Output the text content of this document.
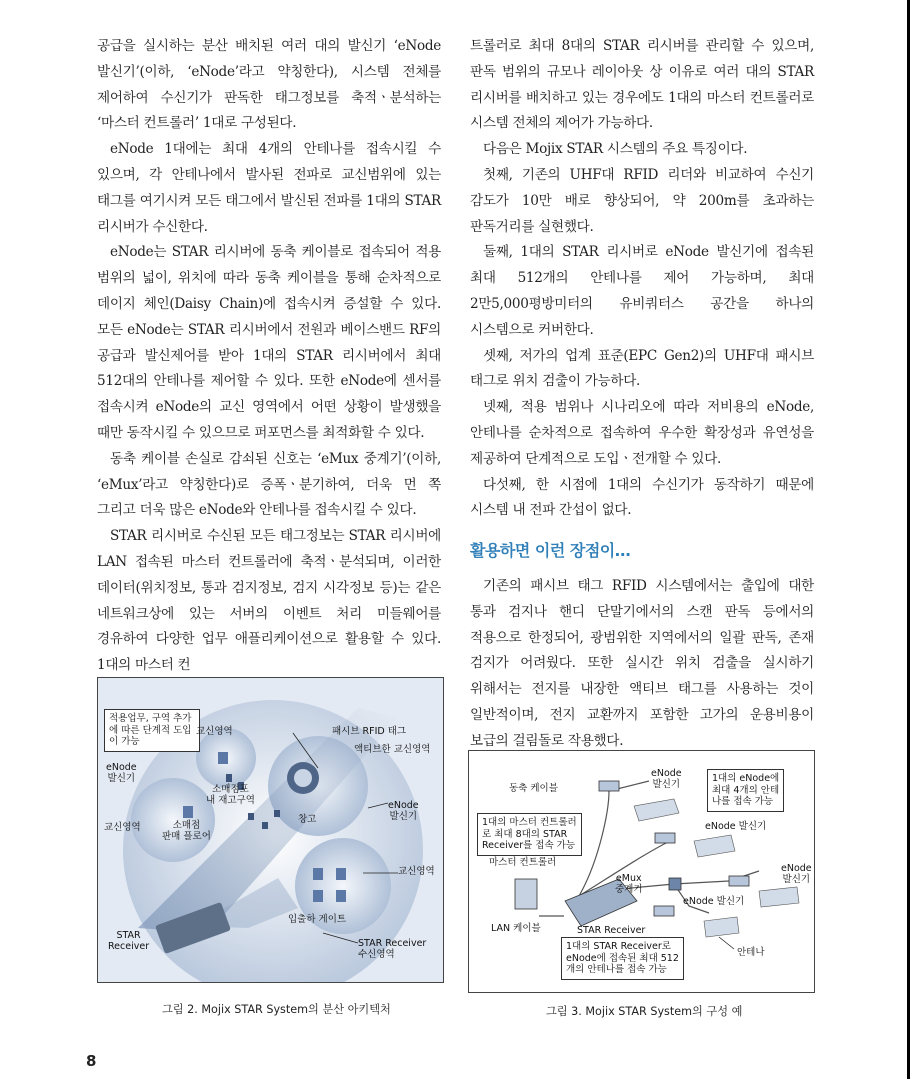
공급을 실시하는 분산 배치된 여러 대의 발신기 ‘eNode 발신기’(이하, ‘eNode’라고 약칭한다), 시스템 전체를 제어하여 수신기가 판독한 태그정보를 축적ㆍ분석하는 ‘마스터 컨트롤러’ 1대로 구성된다.

eNode 1대에는 최대 4개의 안테나를 접속시킬 수 있으며, 각 안테나에서 발사된 전파로 교신범위에 있는 태그를 여기시켜 모든 태그에서 발신된 전파를 1대의 STAR 리시버가 수신한다.

eNode는 STAR 리시버에 동축 케이블로 접속되어 적용 범위의 넓이, 위치에 따라 동축 케이블을 통해 순차적으로 데이지 체인(Daisy Chain)에 접속시켜 증설할 수 있다. 모든 eNode는 STAR 리시버에서 전원과 베이스밴드 RF의 공급과 발신제어를 받아 1대의 STAR 리시버에서 최대 512대의 안테나를 제어할 수 있다. 또한 eNode에 센서를 접속시켜 eNode의 교신 영역에서 어떤 상황이 발생했을 때만 동작시킬 수 있으므로 퍼포먼스를 최적화할 수 있다.

동축 케이블 손실로 감쇠된 신호는 ‘eMux 중계기’(이하, ‘eMux’라고 약칭한다)로 증폭ㆍ분기하여, 더욱 먼 쪽 그리고 더욱 많은 eNode와 안테나를 접속시킬 수 있다.

STAR 리시버로 수신된 모든 태그정보는 STAR 리시버에 LAN 접속된 마스터 컨트롤러에 축적ㆍ분석되며, 이러한 데이터(위치정보, 통과 검지정보, 검지 시각정보 등)는 같은 네트워크상에 있는 서버의 이벤트 처리 미들웨어를 경유하여 다양한 업무 애플리케이션으로 활용할 수 있다. 1대의 마스터 컨

트롤러로 최대 8대의 STAR 리시버를 관리할 수 있으며, 판독 범위의 규모나 레이아웃 상 이유로 여러 대의 STAR 리시버를 배치하고 있는 경우에도 1대의 마스터 컨트롤러로 시스템 전체의 제어가 가능하다.

다음은 Mojix STAR 시스템의 주요 특징이다.

첫째, 기존의 UHF대 RFID 리더와 비교하여 수신기 감도가 10만 배로 향상되어, 약 200m를 초과하는 판독거리를 실현했다.

둘째, 1대의 STAR 리시버로 eNode 발신기에 접속된 최대 512개의 안테나를 제어 가능하며, 최대 2만5,000평방미터의 유비쿼터스 공간을 하나의 시스템으로 커버한다.

셋째, 저가의 업계 표준(EPC Gen2)의 UHF대 패시브 태그로 위치 검출이 가능하다.

넷째, 적용 범위나 시나리오에 따라 저비용의 eNode, 안테나를 순차적으로 접속하여 우수한 확장성과 유연성을 제공하여 단계적으로 도입ㆍ전개할 수 있다.

다섯째, 한 시점에 1대의 수신기가 동작하기 때문에 시스템 내 전파 간섭이 없다.

활용하면 이런 장점이…

기존의 패시브 태그 RFID 시스템에서는 출입에 대한 통과 검지나 핸디 단말기에서의 스캔 판독 등에서의 적용으로 한정되어, 광범위한 지역에서의 일괄 판독, 존재 검지가 어려웠다. 또한 실시간 위치 검출을 실시하기 위해서는 전지를 내장한 액티브 태그를 사용하는 것이 일반적이며, 전지 교환까지 포함한 고가의 운용비용이 보급의 걸림돌로 작용했다.

적용업무, 구역 추가에 따른 단계적 도입이 가능
교신영역	패시브 RFID 태그
액티브한 교신영역
eNode
발신기
소매점포
내 재고구역	eNode
발신기
교신영역	소매점
판매 플로어
창고
교신영역
입출하 게이트
STAR
Receiver	STAR Receiver
수신영역
그림 2. Mojix STAR System의 분산 아키텍처
동축 케이블
eNode
발신기
1대의 eNode에
최대 4개의 안테
나를 접속 가능
1대의 마스터 컨트롤러
로 최대 8대의 STAR
Receiver를 접속 가능
eNode 발신기
마스터 컨트롤러
eMux
중계기
eNode
발신기
eNode 발신기
LAN 케이블	STAR Receiver
1대의 STAR Receiver로
eNode에 접속된 최대 512
개의 안테나를 접속 가능
안테나
그림 3. Mojix STAR System의 구성 예
8
